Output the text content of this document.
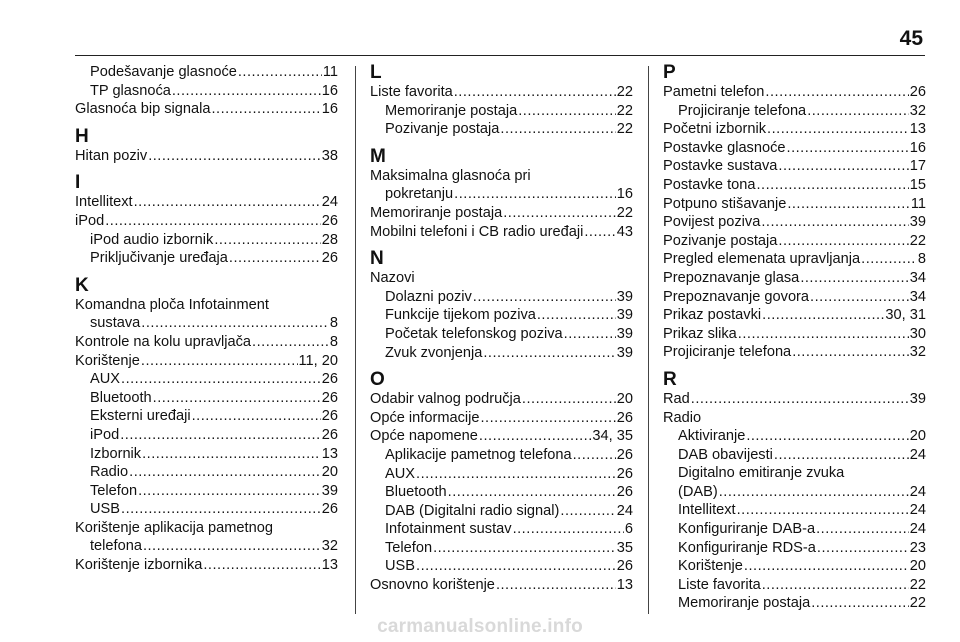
45
Podešavanje glasnoće .....	11
TP glasnoća .....	16
Glasnoća bip signala .....	16
H
Hitan poziv .....	38
I
Intellitext .....	24
iPod .....	26
iPod audio izbornik .....	28
Priključivanje uređaja .....	26
K
Komandna ploča Infotainment
sustava .....	8
Kontrole na kolu upravljača .....	8
Korištenje .....	11, 20
AUX .....	26
Bluetooth .....	26
Eksterni uređaji .....	26
iPod .....	26
Izbornik .....	13
Radio .....	20
Telefon .....	39
USB .....	26
Korištenje aplikacija pametnog
telefona .....	32
Korištenje izbornika .....	13
L
Liste favorita .....	22
Memoriranje postaja .....	22
Pozivanje postaja .....	22
M
Maksimalna glasnoća pri
pokretanju .....	16
Memoriranje postaja .....	22
Mobilni telefoni i CB radio uređaji ..... 43
N
Nazovi
Dolazni poziv .....	39
Funkcije tijekom poziva .....	39
Početak telefonskog poziva .....	39
Zvuk zvonjenja .....	39
O
Odabir valnog područja .....	20
Opće informacije .....	26
Opće napomene .....	34, 35
Aplikacije pametnog telefona .....	26
AUX .....	26
Bluetooth .....	26
DAB (Digitalni radio signal) .....	24
Infotainment sustav .....	6
Telefon .....	35
USB .....	26
Osnovno korištenje .....	13
P
Pametni telefon .....	26
Projiciranje telefona .....	32
Početni izbornik .....	13
Postavke glasnoće .....	16
Postavke sustava .....	17
Postavke tona .....	15
Potpuno stišavanje .....	11
Povijest poziva .....	39
Pozivanje postaja .....	22
Pregled elemenata upravljanja .....	8
Prepoznavanje glasa .....	34
Prepoznavanje govora .....	34
Prikaz postavki .....	30, 31
Prikaz slika .....	30
Projiciranje telefona .....	32
R
Rad .....	39
Radio
Aktiviranje .....	20
DAB obavijesti .....	24
Digitalno emitiranje zvuka
(DAB) .....	24
Intellitext .....	24
Konfiguriranje DAB-a .....	24
Konfiguriranje RDS-a .....	23
Korištenje .....	20
Liste favorita .....	22
Memoriranje postaja .....	22
carmanualsonline.info
